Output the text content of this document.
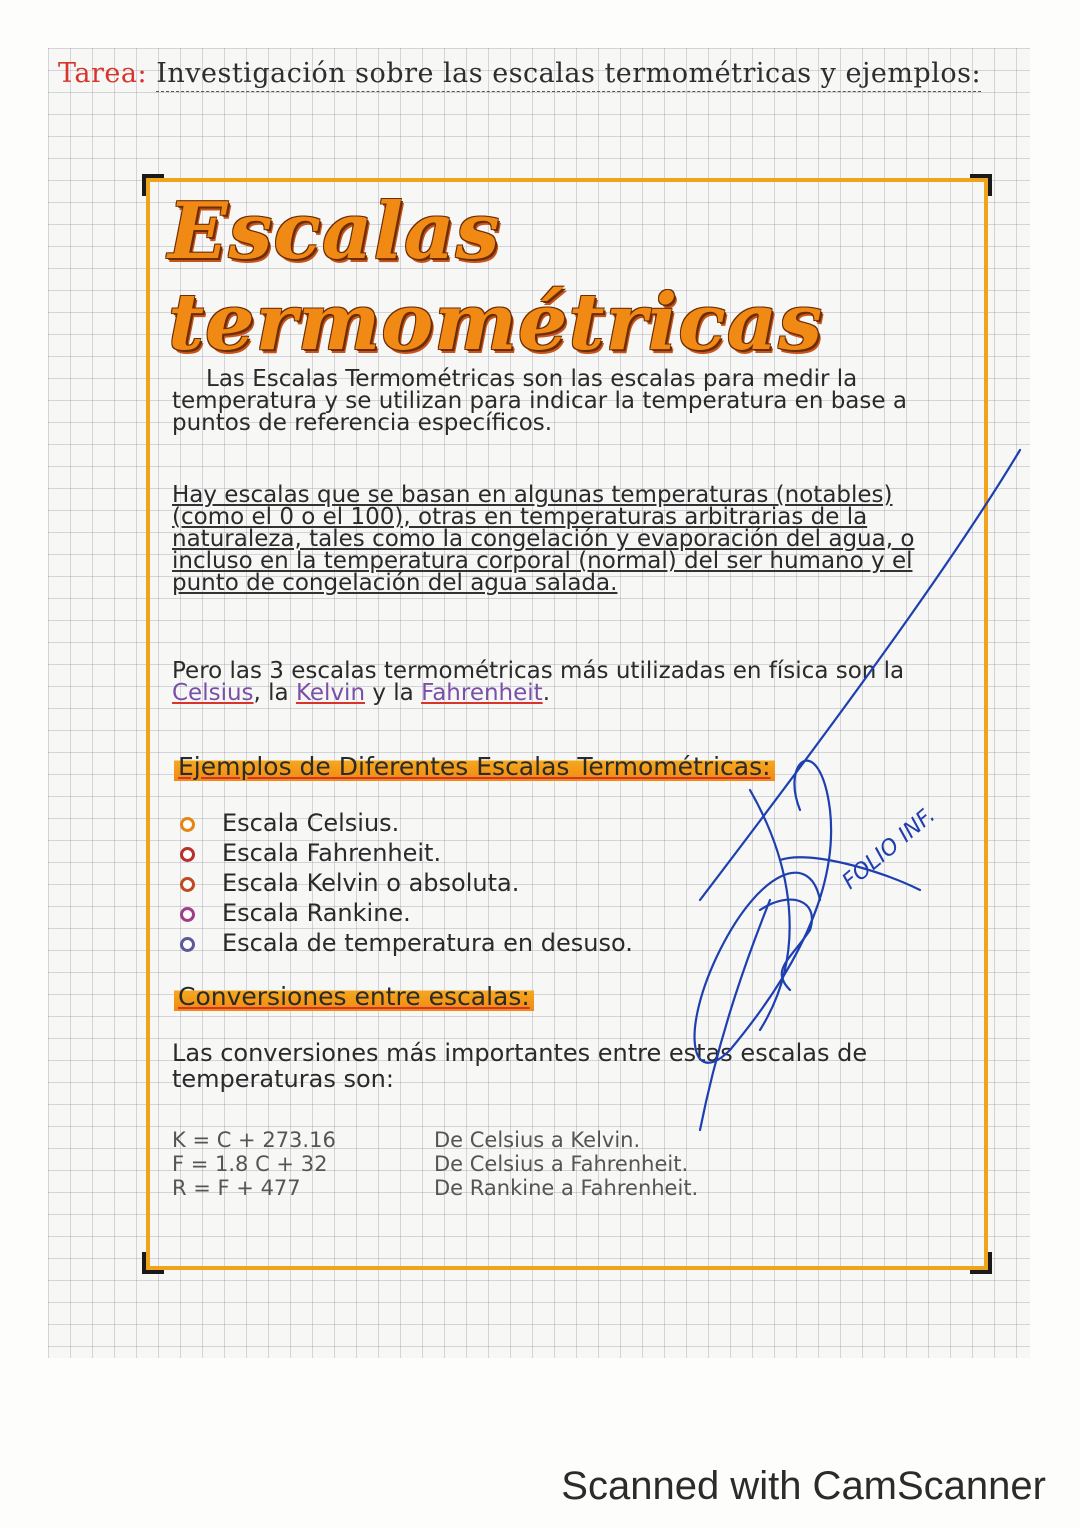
Tarea: Investigación sobre las escalas termométricas y ejemplos:
Escalas termométricas
Las Escalas Termométricas son las escalas para medir la temperatura y se utilizan para indicar la temperatura en base a puntos de referencia específicos.
Hay escalas que se basan en algunas temperaturas (notables) (como el 0 o el 100), otras en temperaturas arbitrarias de la naturaleza, tales como la congelación y evaporación del agua, o incluso en la temperatura corporal (normal) del ser humano y el punto de congelación del agua salada.
Pero las 3 escalas termométricas más utilizadas en física son la Celsius, la Kelvin y la Fahrenheit.
Ejemplos de Diferentes Escalas Termométricas:
Escala Celsius.
Escala Fahrenheit.
Escala Kelvin o absoluta.
Escala Rankine.
Escala de temperatura en desuso.
Conversiones entre escalas:
Las conversiones más importantes entre estas escalas de temperaturas son:
K = C + 273.16	De Celsius a Kelvin.
F = 1.8 C + 32	De Celsius a Fahrenheit.
R = F + 477	De Rankine a Fahrenheit.
FOLIO INF.
Scanned with CamScanner
